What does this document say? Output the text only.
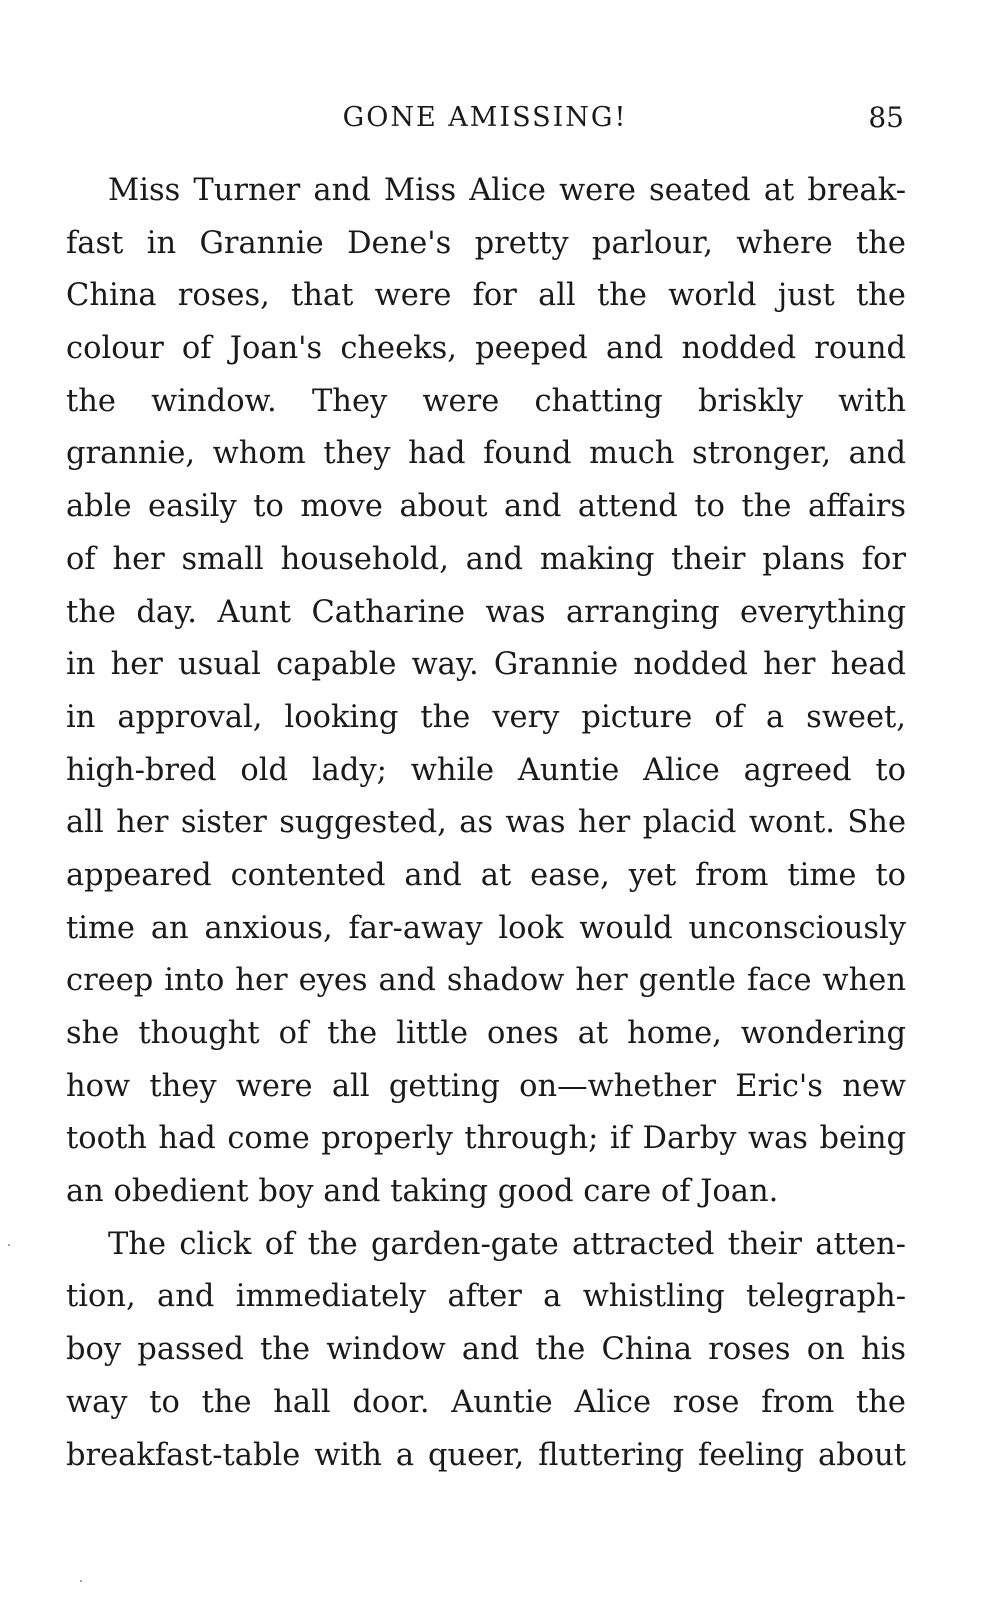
GONE AMISSING!	85
Miss Turner and Miss Alice were seated at break-
fast in Grannie Dene's pretty parlour, where the
China roses, that were for all the world just the
colour of Joan's cheeks, peeped and nodded round
the window. They were chatting briskly with
grannie, whom they had found much stronger, and
able easily to move about and attend to the affairs
of her small household, and making their plans for
the day. Aunt Catharine was arranging everything
in her usual capable way. Grannie nodded her head
in approval, looking the very picture of a sweet,
high-bred old lady; while Auntie Alice agreed to
all her sister suggested, as was her placid wont. She
appeared contented and at ease, yet from time to
time an anxious, far-away look would unconsciously
creep into her eyes and shadow her gentle face when
she thought of the little ones at home, wondering
how they were all getting on—whether Eric's new
tooth had come properly through; if Darby was being
an obedient boy and taking good care of Joan.
The click of the garden-gate attracted their atten-
tion, and immediately after a whistling telegraph-
boy passed the window and the China roses on his
way to the hall door. Auntie Alice rose from the
breakfast-table with a queer, fluttering feeling about
